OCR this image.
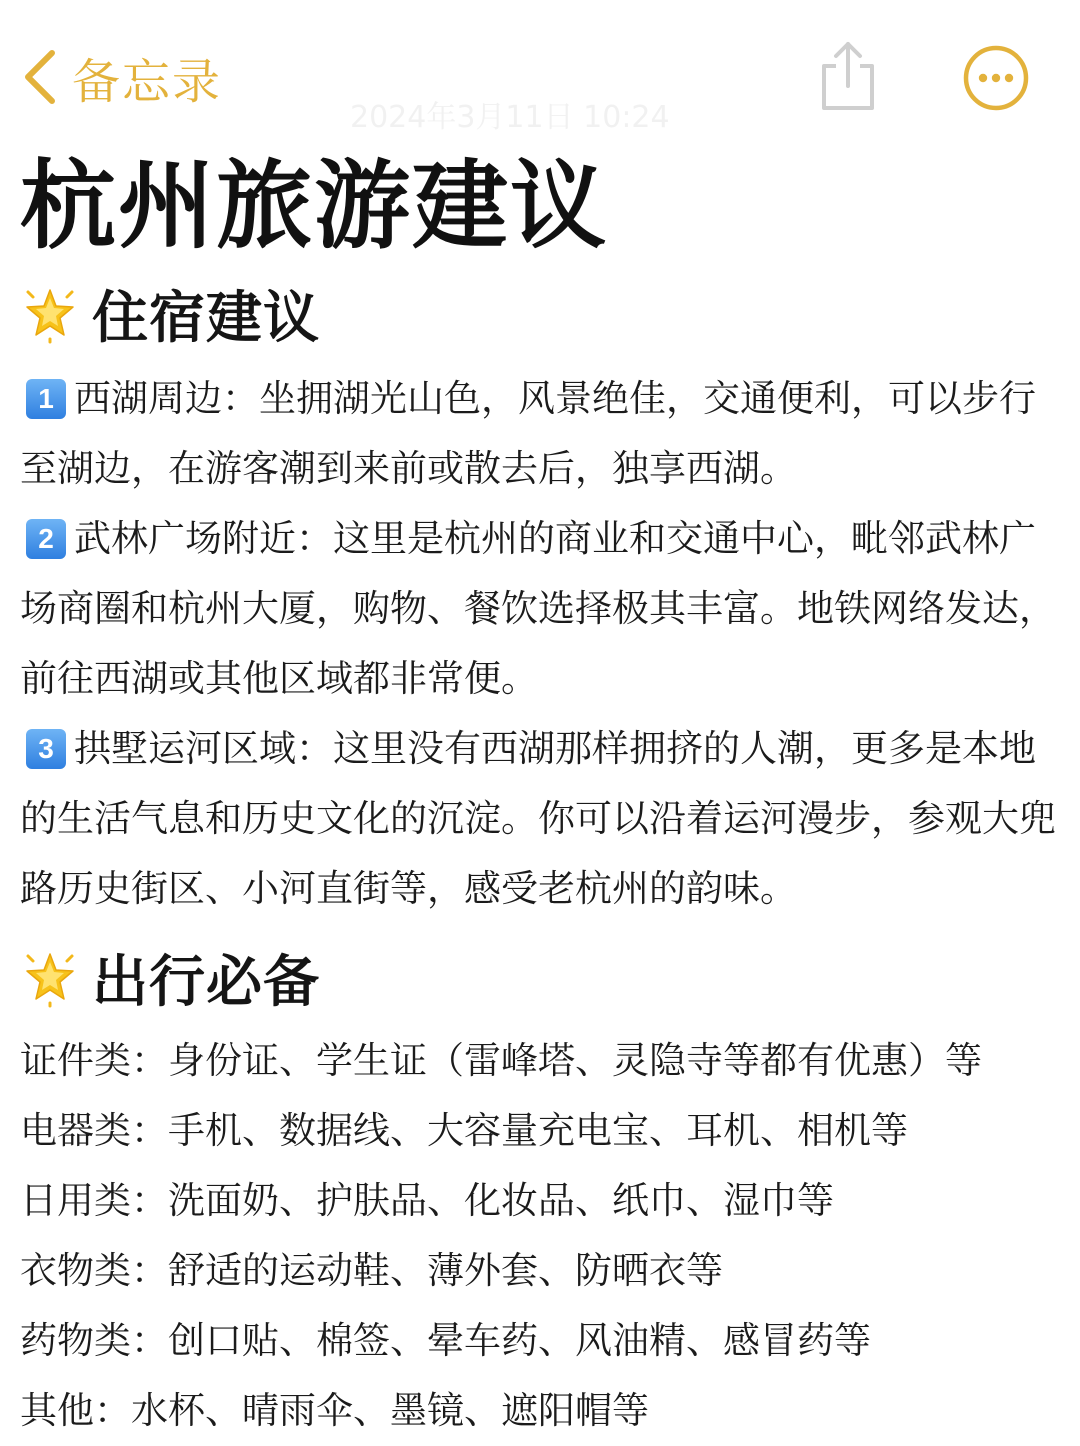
备忘录
2024年3月11日 10:24
杭州旅游建议
住宿建议

1 西湖周边：坐拥湖光山色，风景绝佳，交通便利，可以步行至湖边，在游客潮到来前或散去后，独享西湖。

2 武林广场附近：这里是杭州的商业和交通中心，毗邻武林广场商圈和杭州大厦，购物、餐饮选择极其丰富。地铁网络发达，前往西湖或其他区域都非常便。

3 拱墅运河区域：这里没有西湖那样拥挤的人潮，更多是本地的生活气息和历史文化的沉淀。你可以沿着运河漫步，参观大兜路历史街区、小河直街等，感受老杭州的韵味。

出行必备

证件类：身份证、学生证（雷峰塔、灵隐寺等都有优惠）等

电器类：手机、数据线、大容量充电宝、耳机、相机等

日用类：洗面奶、护肤品、化妆品、纸巾、湿巾等

衣物类：舒适的运动鞋、薄外套、防晒衣等

药物类：创口贴、棉签、晕车药、风油精、感冒药等

其他：水杯、晴雨伞、墨镜、遮阳帽等
